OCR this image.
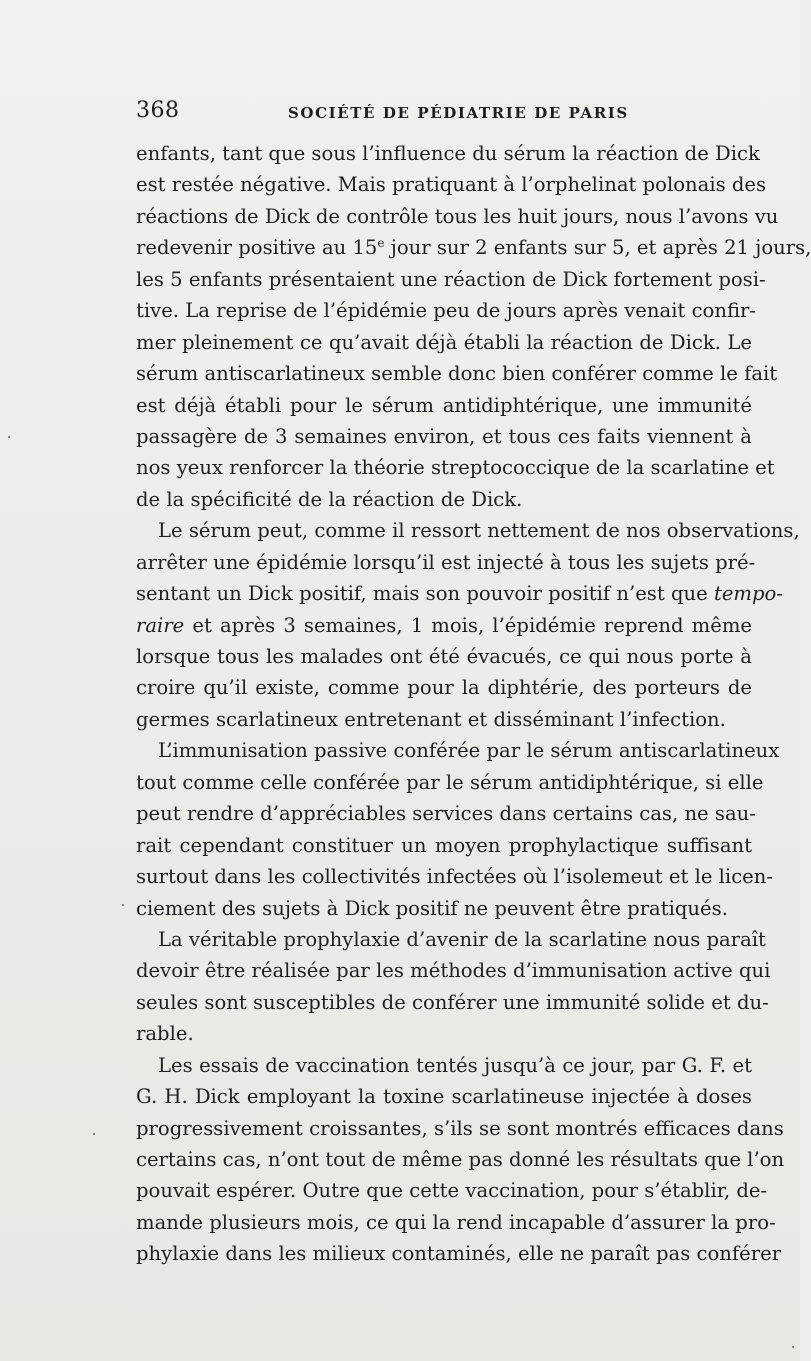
368	SOCIÉTÉ DE PÉDIATRIE DE PARIS
enfants, tant que sous l’influence du sérum la réaction de Dick
est restée négative. Mais pratiquant à l’orphelinat polonais des
réactions de Dick de contrôle tous les huit jours, nous l’avons vu
redevenir positive au 15e jour sur 2 enfants sur 5, et après 21 jours,
les 5 enfants présentaient une réaction de Dick fortement posi-
tive. La reprise de l’épidémie peu de jours après venait confir-
mer pleinement ce qu’avait déjà établi la réaction de Dick. Le
sérum antiscarlatineux semble donc bien conférer comme le fait
est déjà établi pour le sérum antidiphtérique, une immunité
passagère de 3 semaines environ, et tous ces faits viennent à
nos yeux renforcer la théorie streptococcique de la scarlatine et
de la spécificité de la réaction de Dick.
Le sérum peut, comme il ressort nettement de nos observations,
arrêter une épidémie lorsqu’il est injecté à tous les sujets pré-
sentant un Dick positif, mais son pouvoir positif n’est que tempo-
raire et après 3 semaines, 1 mois, l’épidémie reprend même
lorsque tous les malades ont été évacués, ce qui nous porte à
croire qu’il existe, comme pour la diphtérie, des porteurs de
germes scarlatineux entretenant et disséminant l’infection.
L’immunisation passive conférée par le sérum antiscarlatineux
tout comme celle conférée par le sérum antidiphtérique, si elle
peut rendre d’appréciables services dans certains cas, ne sau-
rait cependant constituer un moyen prophylactique suffisant
surtout dans les collectivités infectées où l’isolemeut et le licen-
ciement des sujets à Dick positif ne peuvent être pratiqués.
La véritable prophylaxie d’avenir de la scarlatine nous paraît
devoir être réalisée par les méthodes d’immunisation active qui
seules sont susceptibles de conférer une immunité solide et du-
rable.
Les essais de vaccination tentés jusqu’à ce jour, par G. F. et
G. H. Dick employant la toxine scarlatineuse injectée à doses
progressivement croissantes, s’ils se sont montrés efficaces dans
certains cas, n’ont tout de même pas donné les résultats que l’on
pouvait espérer. Outre que cette vaccination, pour s’établir, de-
mande plusieurs mois, ce qui la rend incapable d’assurer la pro-
phylaxie dans les milieux contaminés, elle ne paraît pas conférer
